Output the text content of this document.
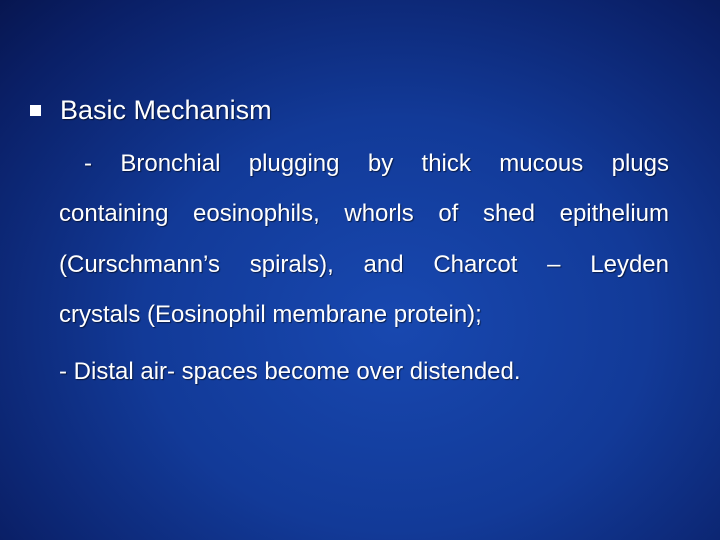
Basic Mechanism
- Bronchial plugging by thick mucous plugs
containing eosinophils, whorls of shed epithelium
(Curschmann’s spirals), and Charcot – Leyden
crystals (Eosinophil membrane protein);
- Distal air- spaces become over distended.
